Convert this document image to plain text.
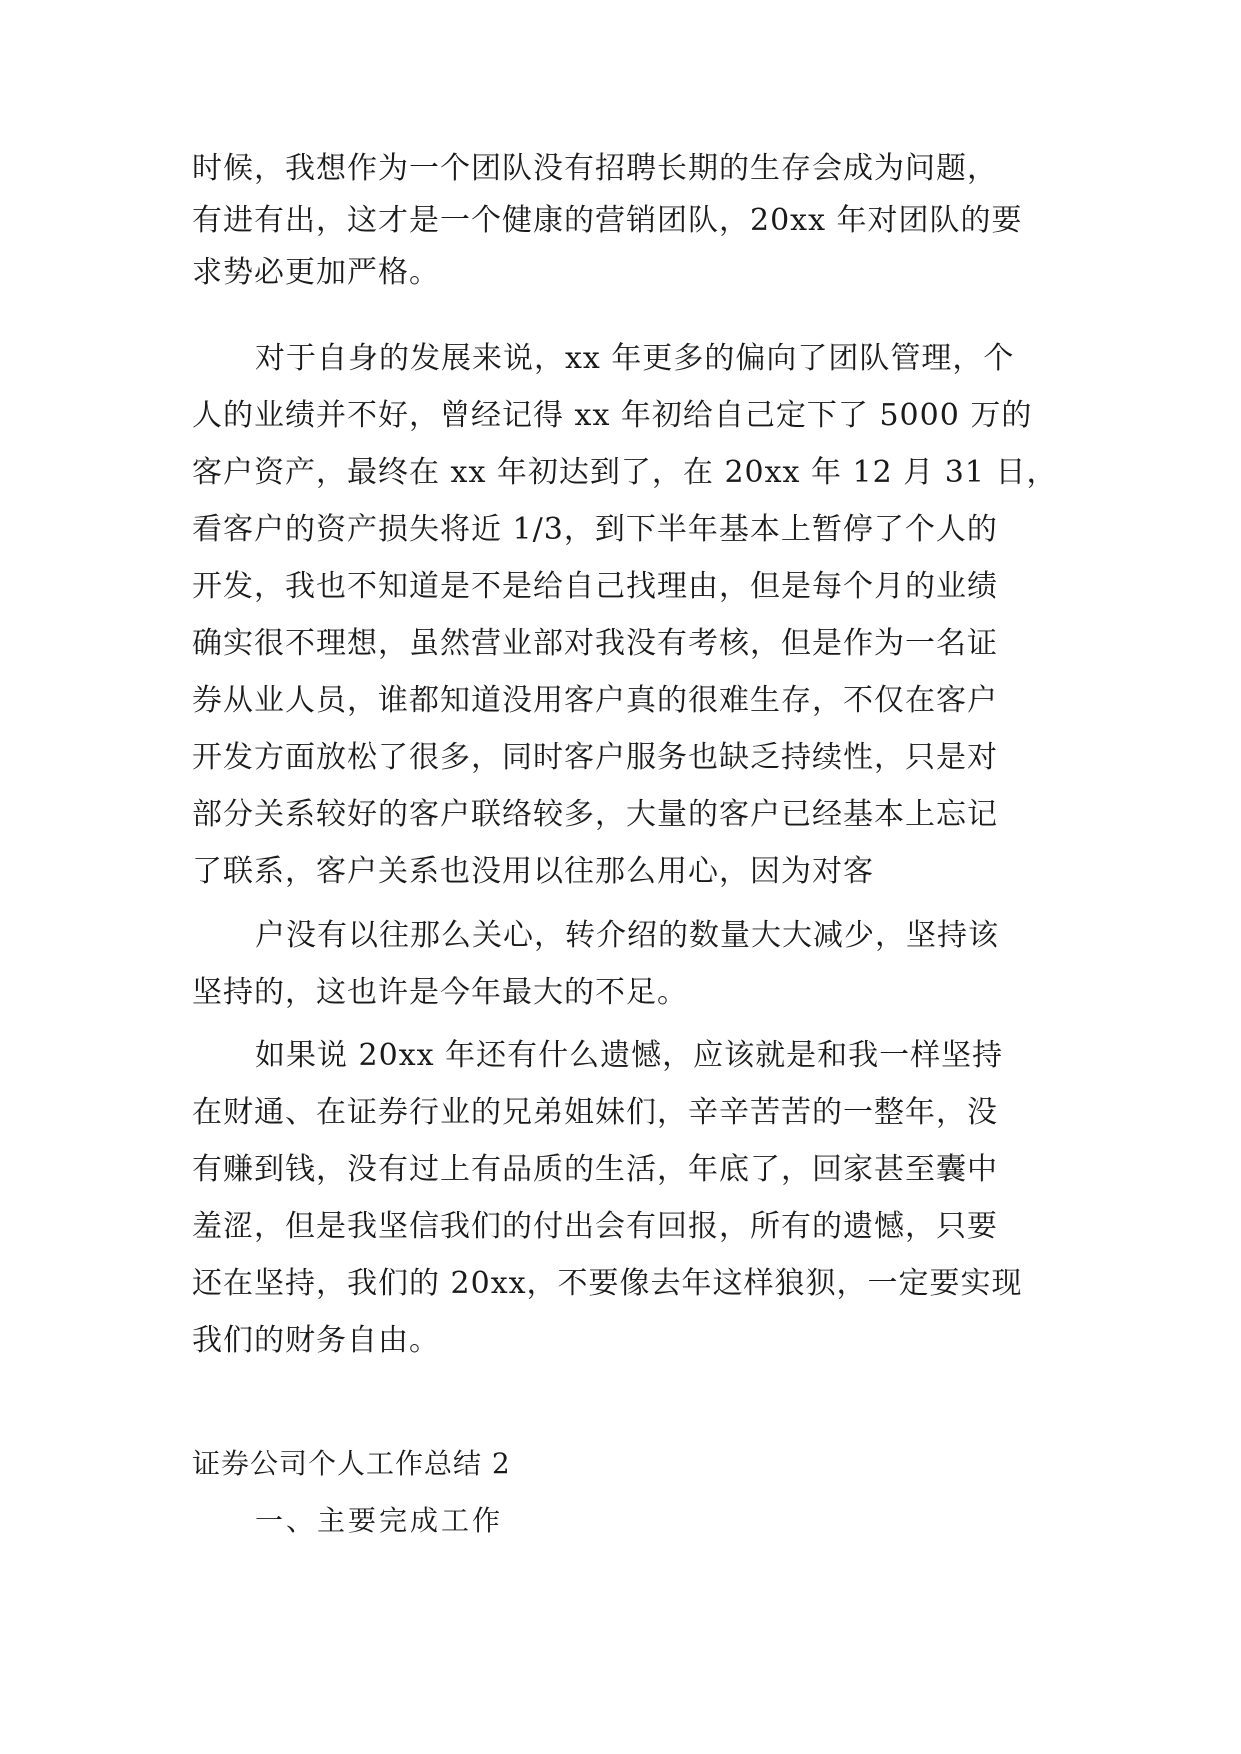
时候，我想作为一个团队没有招聘长期的生存会成为问题，
有进有出，这才是一个健康的营销团队，20xx 年对团队的要
求势必更加严格。
对于自身的发展来说，xx 年更多的偏向了团队管理，个
人的业绩并不好，曾经记得 xx 年初给自己定下了 5000 万的
客户资产，最终在 xx 年初达到了，在 20xx 年 12 月 31 日，
看客户的资产损失将近 1/3，到下半年基本上暂停了个人的
开发，我也不知道是不是给自己找理由，但是每个月的业绩
确实很不理想，虽然营业部对我没有考核，但是作为一名证
券从业人员，谁都知道没用客户真的很难生存，不仅在客户
开发方面放松了很多，同时客户服务也缺乏持续性，只是对
部分关系较好的客户联络较多，大量的客户已经基本上忘记
了联系，客户关系也没用以往那么用心，因为对客
户没有以往那么关心，转介绍的数量大大减少，坚持该
坚持的，这也许是今年最大的不足。
如果说 20xx 年还有什么遗憾，应该就是和我一样坚持
在财通、在证券行业的兄弟姐妹们，辛辛苦苦的一整年，没
有赚到钱，没有过上有品质的生活，年底了，回家甚至囊中
羞涩，但是我坚信我们的付出会有回报，所有的遗憾，只要
还在坚持，我们的 20xx，不要像去年这样狼狈，一定要实现
我们的财务自由。
证券公司个人工作总结 2
一、主要完成工作
